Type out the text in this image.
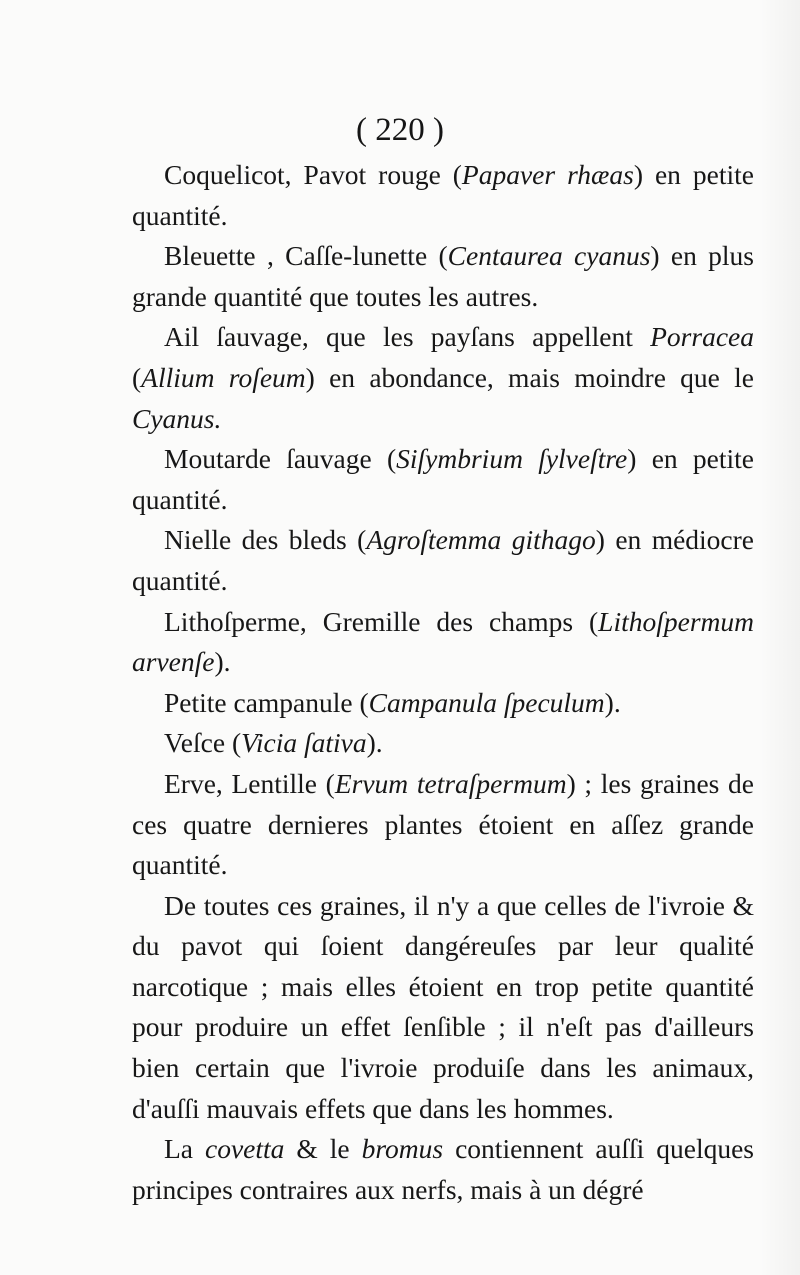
( 220 )

Coquelicot, Pavot rouge (Papaver rhæas) en petite quantité.

Bleuette , Caſſe-lunette (Centaurea cyanus) en plus grande quantité que toutes les autres.

Ail ſauvage, que les payſans appellent Porracea (Allium roſeum) en abondance, mais moindre que le Cyanus.

Moutarde ſauvage (Siſymbrium ſylveſtre) en petite quantité.

Nielle des bleds (Agroſtemma githago) en médiocre quantité.

Lithoſperme, Gremille des champs (Lithoſpermum arvenſe).

Petite campanule (Campanula ſpeculum).

Veſce (Vicia ſativa).

Erve, Lentille (Ervum tetraſpermum) ; les graines de ces quatre dernieres plantes étoient en aſſez grande quantité.

De toutes ces graines, il n'y a que celles de l'ivroie & du pavot qui ſoient dangéreuſes par leur qualité narcotique ; mais elles étoient en trop petite quantité pour produire un effet ſenſible ; il n'eſt pas d'ailleurs bien certain que l'ivroie produiſe dans les animaux, d'auſſi mauvais effets que dans les hommes.

La covetta & le bromus contiennent auſſi quelques principes contraires aux nerfs, mais à un dégré
